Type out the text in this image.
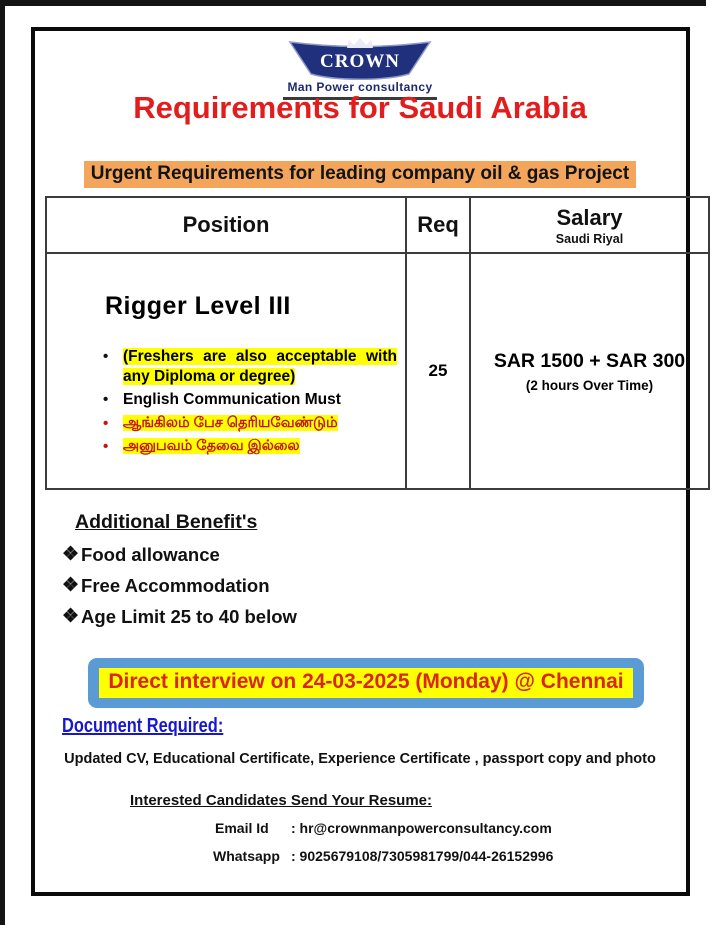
CROWN
Man Power consultancy
Requirements for Saudi Arabia
Urgent Requirements for leading company oil & gas Project
Position	Req	Salary
Saudi Riyal

Rigger Level III
• (Freshers are also acceptable with any Diploma or degree)
• English Communication Must
• ஆங்கிலம் பேச தெரியவேண்டும்
• அனுபவம் தேவை இல்லை
	25	SAR 1500 + SAR 300
(2 hours Over Time)
Additional Benefit's
❖ Food allowance
❖ Free Accommodation
❖ Age Limit 25 to 40 below
Direct interview on 24-03-2025 (Monday) @ Chennai
Document Required:
Updated CV, Educational Certificate, Experience Certificate , passport copy and photo
Interested Candidates Send Your Resume:
Email Id : hr@crownmanpowerconsultancy.com
Whatsapp : 9025679108/7305981799/044-26152996
